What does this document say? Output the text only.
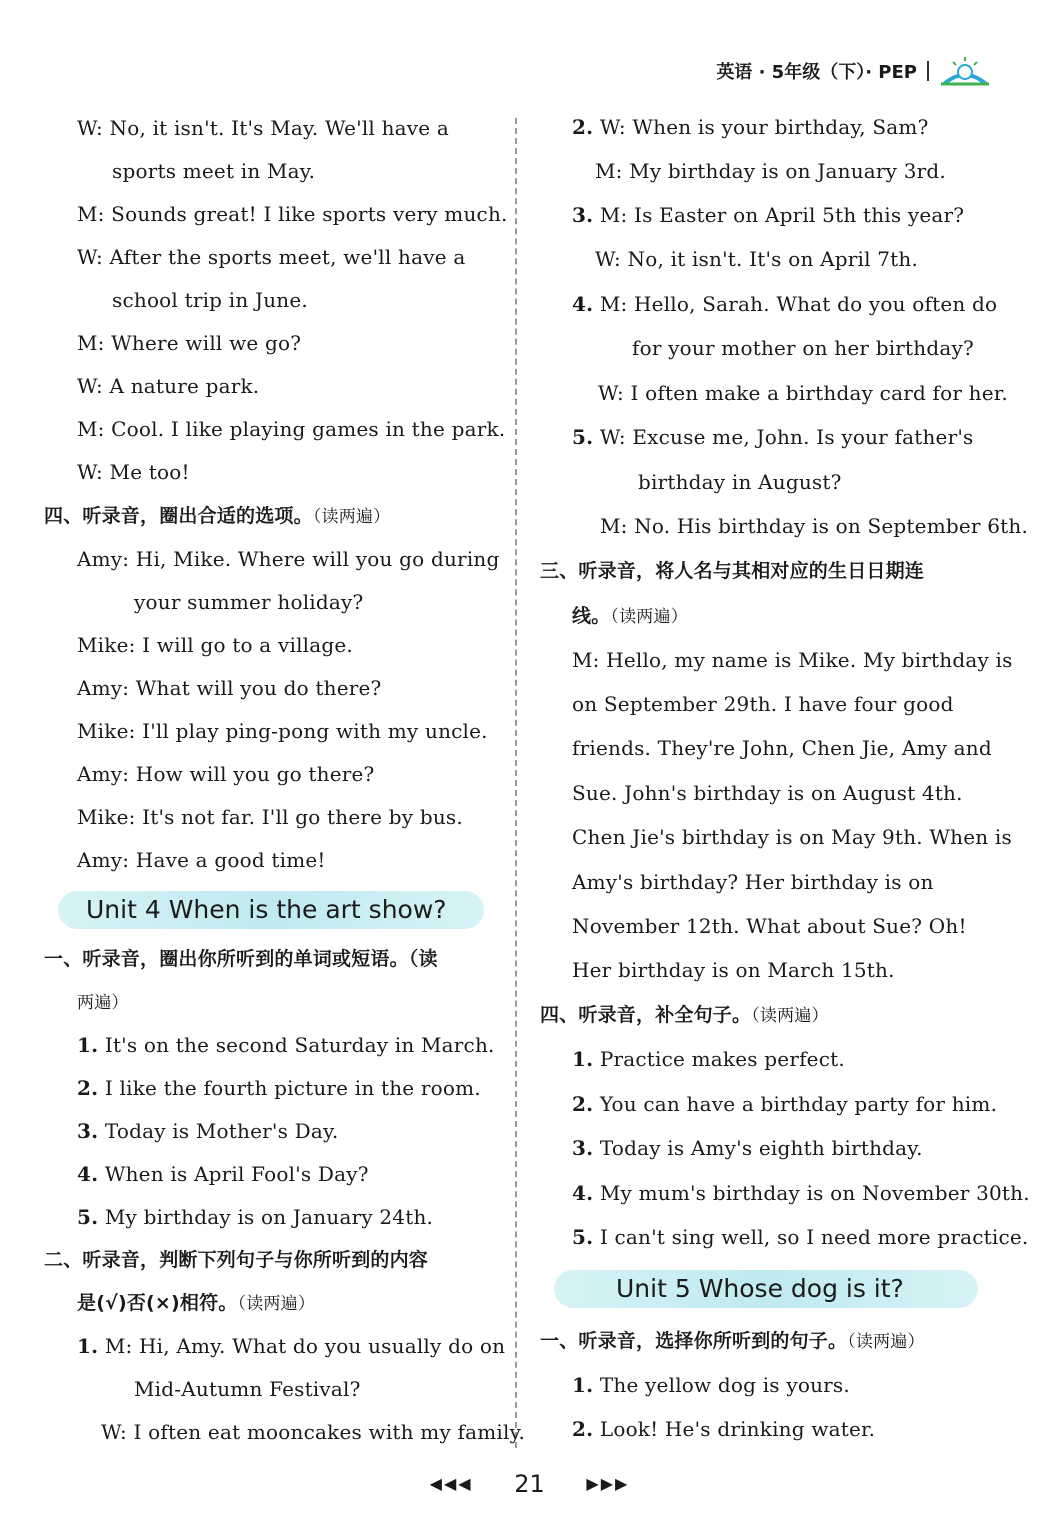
英语 · 5年级（下）· PEP
W: No, it isn't. It's May. We'll have a
sports meet in May.
M: Sounds great! I like sports very much.
W: After the sports meet, we'll have a
school trip in June.
M: Where will we go?
W: A nature park.
M: Cool. I like playing games in the park.
W: Me too!
四、听录音，圈出合适的选项。（读两遍）
Amy: Hi, Mike. Where will you go during
your summer holiday?
Mike: I will go to a village.
Amy: What will you do there?
Mike: I'll play ping-pong with my uncle.
Amy: How will you go there?
Mike: It's not far. I'll go there by bus.
Amy: Have a good time!
Unit 4 When is the art show?
一、听录音，圈出你所听到的单词或短语。（读
两遍）
1. It's on the second Saturday in March.
2. I like the fourth picture in the room.
3. Today is Mother's Day.
4. When is April Fool's Day?
5. My birthday is on January 24th.
二、听录音，判断下列句子与你所听到的内容
是(√)否(×)相符。（读两遍）
1. M: Hi, Amy. What do you usually do on
Mid-Autumn Festival?
W: I often eat mooncakes with my family.
2. W: When is your birthday, Sam?
M: My birthday is on January 3rd.
3. M: Is Easter on April 5th this year?
W: No, it isn't. It's on April 7th.
4. M: Hello, Sarah. What do you often do
for your mother on her birthday?
W: I often make a birthday card for her.
5. W: Excuse me, John. Is your father's
birthday in August?
M: No. His birthday is on September 6th.
三、听录音，将人名与其相对应的生日日期连
线。（读两遍）
M: Hello, my name is Mike. My birthday is
on September 29th. I have four good
friends. They're John, Chen Jie, Amy and
Sue. John's birthday is on August 4th.
Chen Jie's birthday is on May 9th. When is
Amy's birthday? Her birthday is on
November 12th. What about Sue? Oh!
Her birthday is on March 15th.
四、听录音，补全句子。（读两遍）
1. Practice makes perfect.
2. You can have a birthday party for him.
3. Today is Amy's eighth birthday.
4. My mum's birthday is on November 30th.
5. I can't sing well, so I need more practice.
Unit 5 Whose dog is it?
一、听录音，选择你所听到的句子。（读两遍）
1. The yellow dog is yours.
2. Look! He's drinking water.
◀◀◀ 21	▶▶▶
